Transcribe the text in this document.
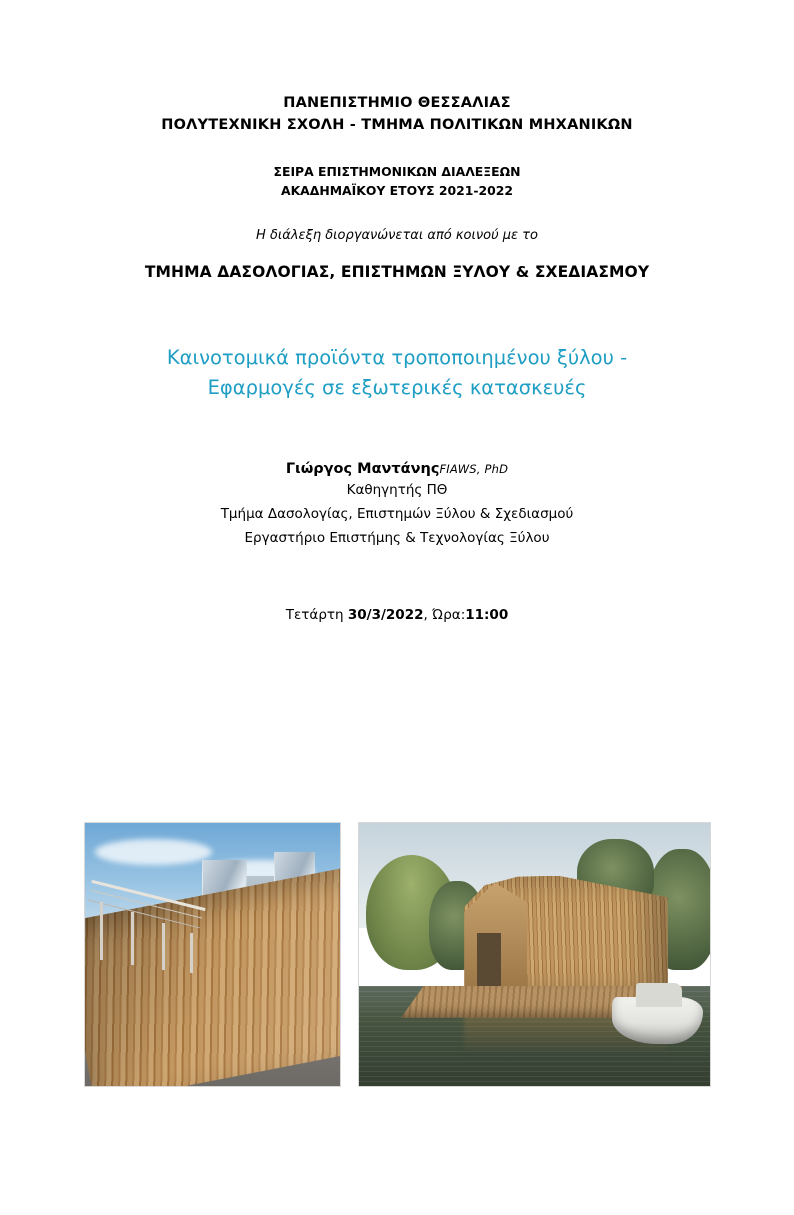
ΠΑΝΕΠΙΣΤΗΜΙΟ ΘΕΣΣΑΛΙΑΣ
ΠΟΛΥΤΕΧΝΙΚΗ ΣΧΟΛΗ - ΤΜΗΜΑ ΠΟΛΙΤΙΚΩΝ ΜΗΧΑΝΙΚΩΝ
ΣΕΙΡΑ ΕΠΙΣΤΗΜΟΝΙΚΩΝ ΔΙΑΛΕΞΕΩΝ
ΑΚΑΔΗΜΑΪΚΟΥ ΕΤΟΥΣ 2021-2022
Η διάλεξη διοργανώνεται από κοινού με το
ΤΜΗΜΑ ΔΑΣΟΛΟΓΙΑΣ, ΕΠΙΣΤΗΜΩΝ ΞΥΛΟΥ & ΣΧΕΔΙΑΣΜΟΥ
Καινοτομικά προϊόντα τροποποιημένου ξύλου -
Εφαρμογές σε εξωτερικές κατασκευές
Γιώργος ΜαντάνηςFIAWS, PhD
Καθηγητής ΠΘ
Τμήμα Δασολογίας, Επιστημών Ξύλου & Σχεδιασμού
Εργαστήριο Επιστήμης & Τεχνολογίας Ξύλου
Τετάρτη 30/3/2022, Ώρα:11:00
